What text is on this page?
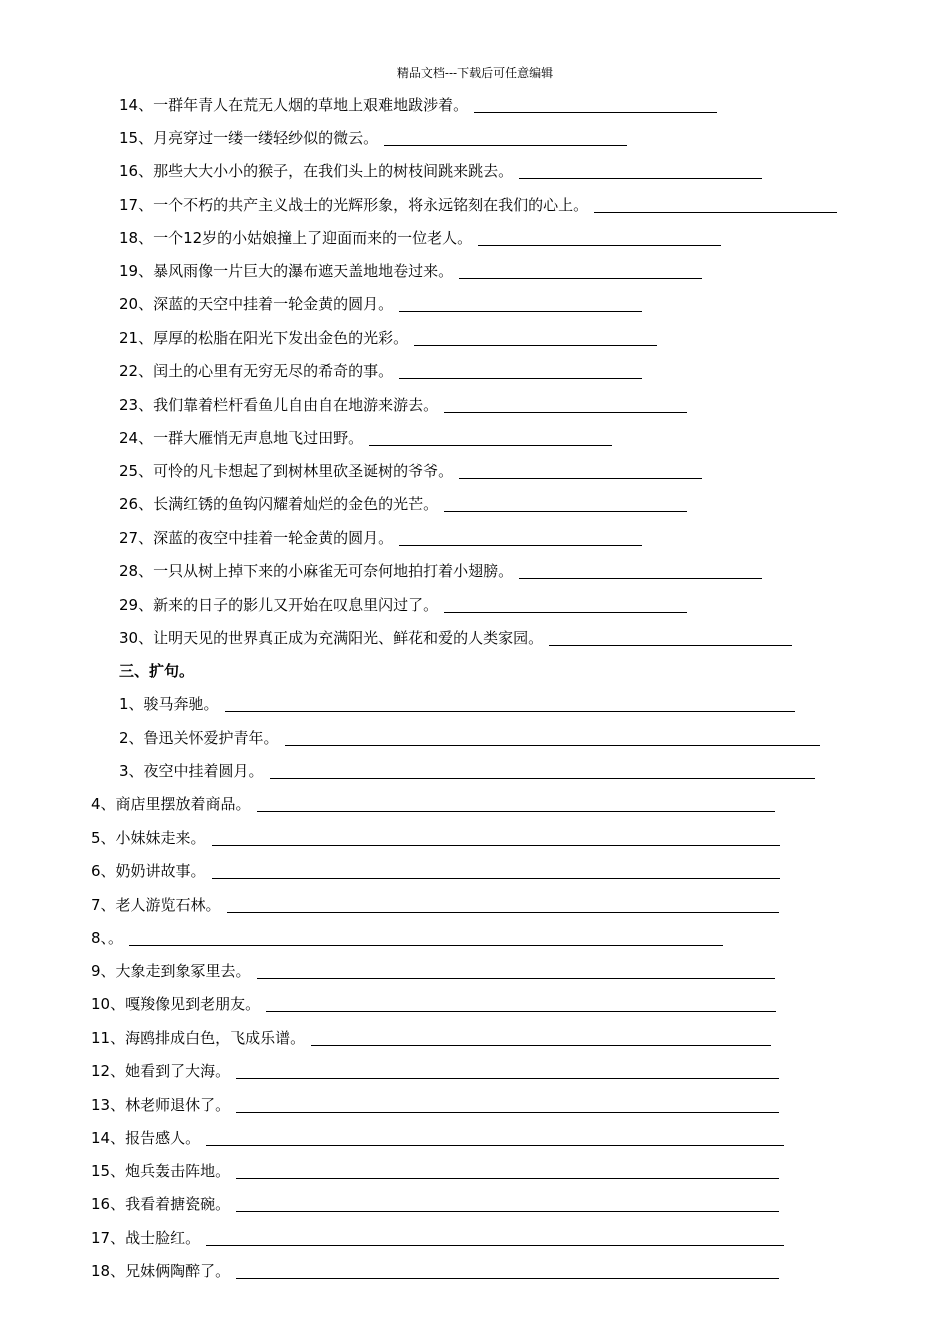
精品文档---下载后可任意编辑
14、一群年青人在荒无人烟的草地上艰难地跋涉着。
15、月亮穿过一缕一缕轻纱似的微云。
16、那些大大小小的猴子，在我们头上的树枝间跳来跳去。
17、一个不朽的共产主义战士的光辉形象，将永远铭刻在我们的心上。
18、一个12岁的小姑娘撞上了迎面而来的一位老人。
19、暴风雨像一片巨大的瀑布遮天盖地地卷过来。
20、深蓝的天空中挂着一轮金黄的圆月。
21、厚厚的松脂在阳光下发出金色的光彩。
22、闰土的心里有无穷无尽的希奇的事。
23、我们靠着栏杆看鱼儿自由自在地游来游去。
24、一群大雁悄无声息地飞过田野。
25、可怜的凡卡想起了到树林里砍圣诞树的爷爷。
26、长满红锈的鱼钩闪耀着灿烂的金色的光芒。
27、深蓝的夜空中挂着一轮金黄的圆月。
28、一只从树上掉下来的小麻雀无可奈何地拍打着小翅膀。
29、新来的日子的影儿又开始在叹息里闪过了。
30、让明天见的世界真正成为充满阳光、鲜花和爱的人类家园。
三、扩句。
1、骏马奔驰。
2、鲁迅关怀爱护青年。
3、夜空中挂着圆月。
4、商店里摆放着商品。
5、小妹妹走来。
6、奶奶讲故事。
7、老人游览石林。
8、。
9、大象走到象冢里去。
10、嘎羧像见到老朋友。
11、海鸥排成白色，飞成乐谱。
12、她看到了大海。
13、林老师退休了。
14、报告感人。
15、炮兵轰击阵地。
16、我看着搪瓷碗。
17、战士脸红。
18、兄妹俩陶醉了。
